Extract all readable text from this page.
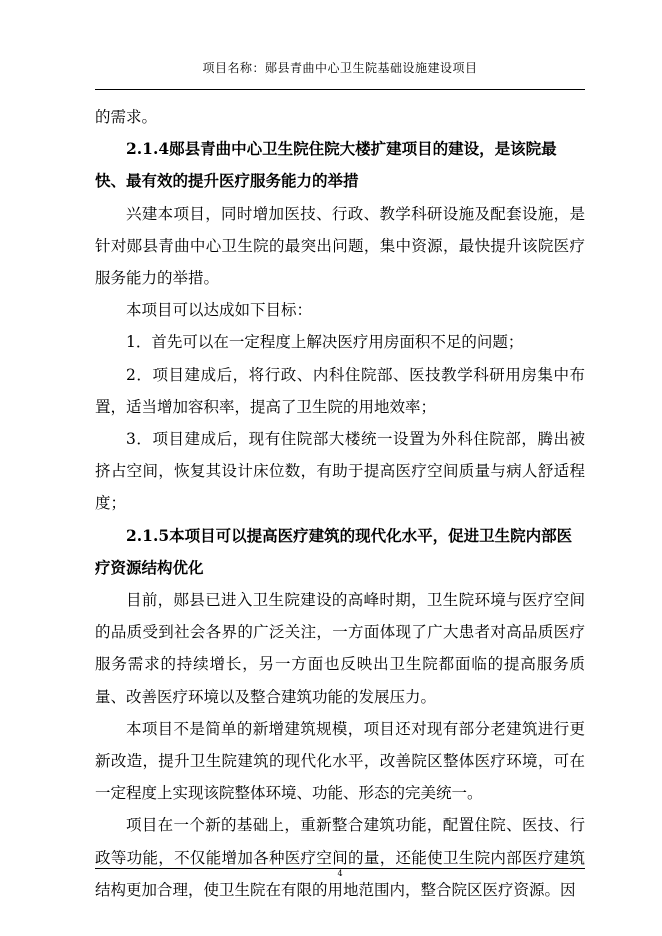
项目名称：郧县青曲中心卫生院基础设施建设项目

的需求。

2.1.4郧县青曲中心卫生院住院大楼扩建项目的建设，是该院最快、最有效的提升医疗服务能力的举措

兴建本项目，同时增加医技、行政、教学科研设施及配套设施，是针对郧县青曲中心卫生院的最突出问题，集中资源，最快提升该院医疗服务能力的举措。

本项目可以达成如下目标：

1．首先可以在一定程度上解决医疗用房面积不足的问题；

2．项目建成后，将行政、内科住院部、医技教学科研用房集中布置，适当增加容积率，提高了卫生院的用地效率；

3．项目建成后，现有住院部大楼统一设置为外科住院部，腾出被挤占空间，恢复其设计床位数，有助于提高医疗空间质量与病人舒适程度；

2.1.5本项目可以提高医疗建筑的现代化水平，促进卫生院内部医疗资源结构优化

目前，郧县已进入卫生院建设的高峰时期，卫生院环境与医疗空间的品质受到社会各界的广泛关注，一方面体现了广大患者对高品质医疗服务需求的持续增长，另一方面也反映出卫生院都面临的提高服务质量、改善医疗环境以及整合建筑功能的发展压力。

本项目不是简单的新增建筑规模，项目还对现有部分老建筑进行更新改造，提升卫生院建筑的现代化水平，改善院区整体医疗环境，可在一定程度上实现该院整体环境、功能、形态的完美统一。

项目在一个新的基础上，重新整合建筑功能，配置住院、医技、行政等功能，不仅能增加各种医疗空间的量，还能使卫生院内部医疗建筑结构更加合理，使卫生院在有限的用地范围内，整合院区医疗资源。因

4
